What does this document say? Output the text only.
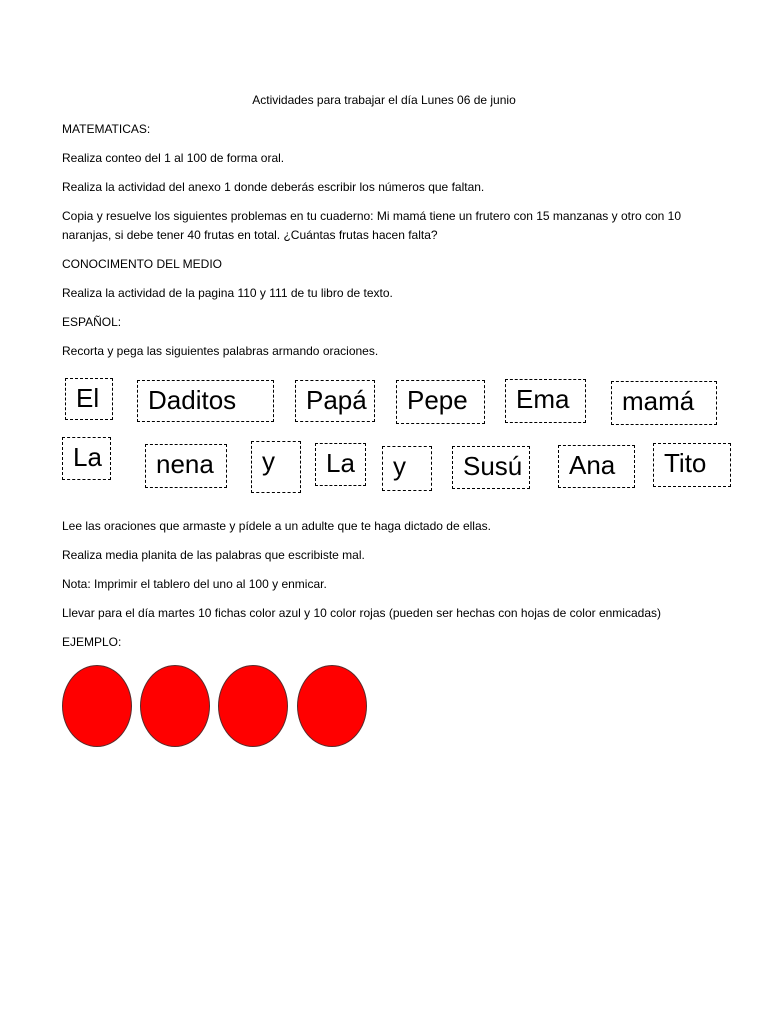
Actividades para trabajar el día Lunes 06 de junio
MATEMATICAS:
Realiza conteo del 1 al 100 de forma oral.
Realiza la actividad del anexo 1 donde deberás escribir los números que faltan.
Copia y resuelve los siguientes problemas en tu cuaderno: Mi mamá tiene un frutero con 15 manzanas y otro con 10 naranjas, si debe tener 40 frutas en total. ¿Cuántas frutas hacen falta?
CONOCIMENTO DEL MEDIO
Realiza la actividad de la pagina 110 y 111 de tu libro de texto.
ESPAÑOL:
Recorta y pega las siguientes palabras armando oraciones.
El	Daditos	Papá	Pepe	Ema	mamá
La	nena	y	La	y	Susú	Ana	Tito
Lee las oraciones que armaste y pídele a un adulte que te haga dictado de ellas.
Realiza media planita de las palabras que escribiste mal.
Nota: Imprimir el tablero del uno al 100 y enmicar.
Llevar para el día martes 10 fichas color azul y 10 color rojas (pueden ser hechas con hojas de color enmicadas)
EJEMPLO:
